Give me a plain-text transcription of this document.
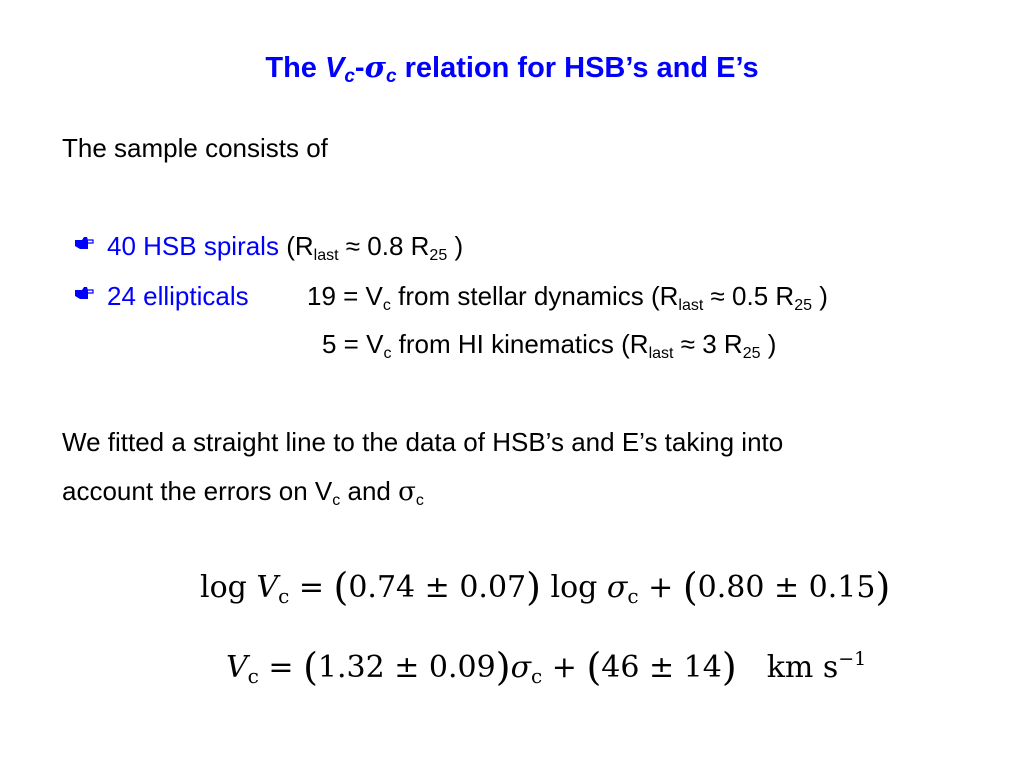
The $V_c-\sigma_c$ relation for HSB’s and E’s
The sample consists of
40 HSB spirals ($R_{last} \approx 0.8$ $R_{25}$ )
24 ellipticals $19 = V_c$ from stellar dynamics ($R_{last} \approx 0.5$ $R_{25}$ )
$5 = V_c$ from HI kinematics ($R_{last} \approx 3$ $R_{25}$ )
We fitted a straight line to the data of HSB’s and E’s taking into
account the errors on $V_c$ and $\sigma_c$
$\log V_c = (0.74 \pm 0.07)$ $\log \sigma_c + (0.80 \pm 0.15)$
$V_c = (1.32 \pm 0.09)\sigma_c + (46 \pm 14)$ km $s^{-1}$
